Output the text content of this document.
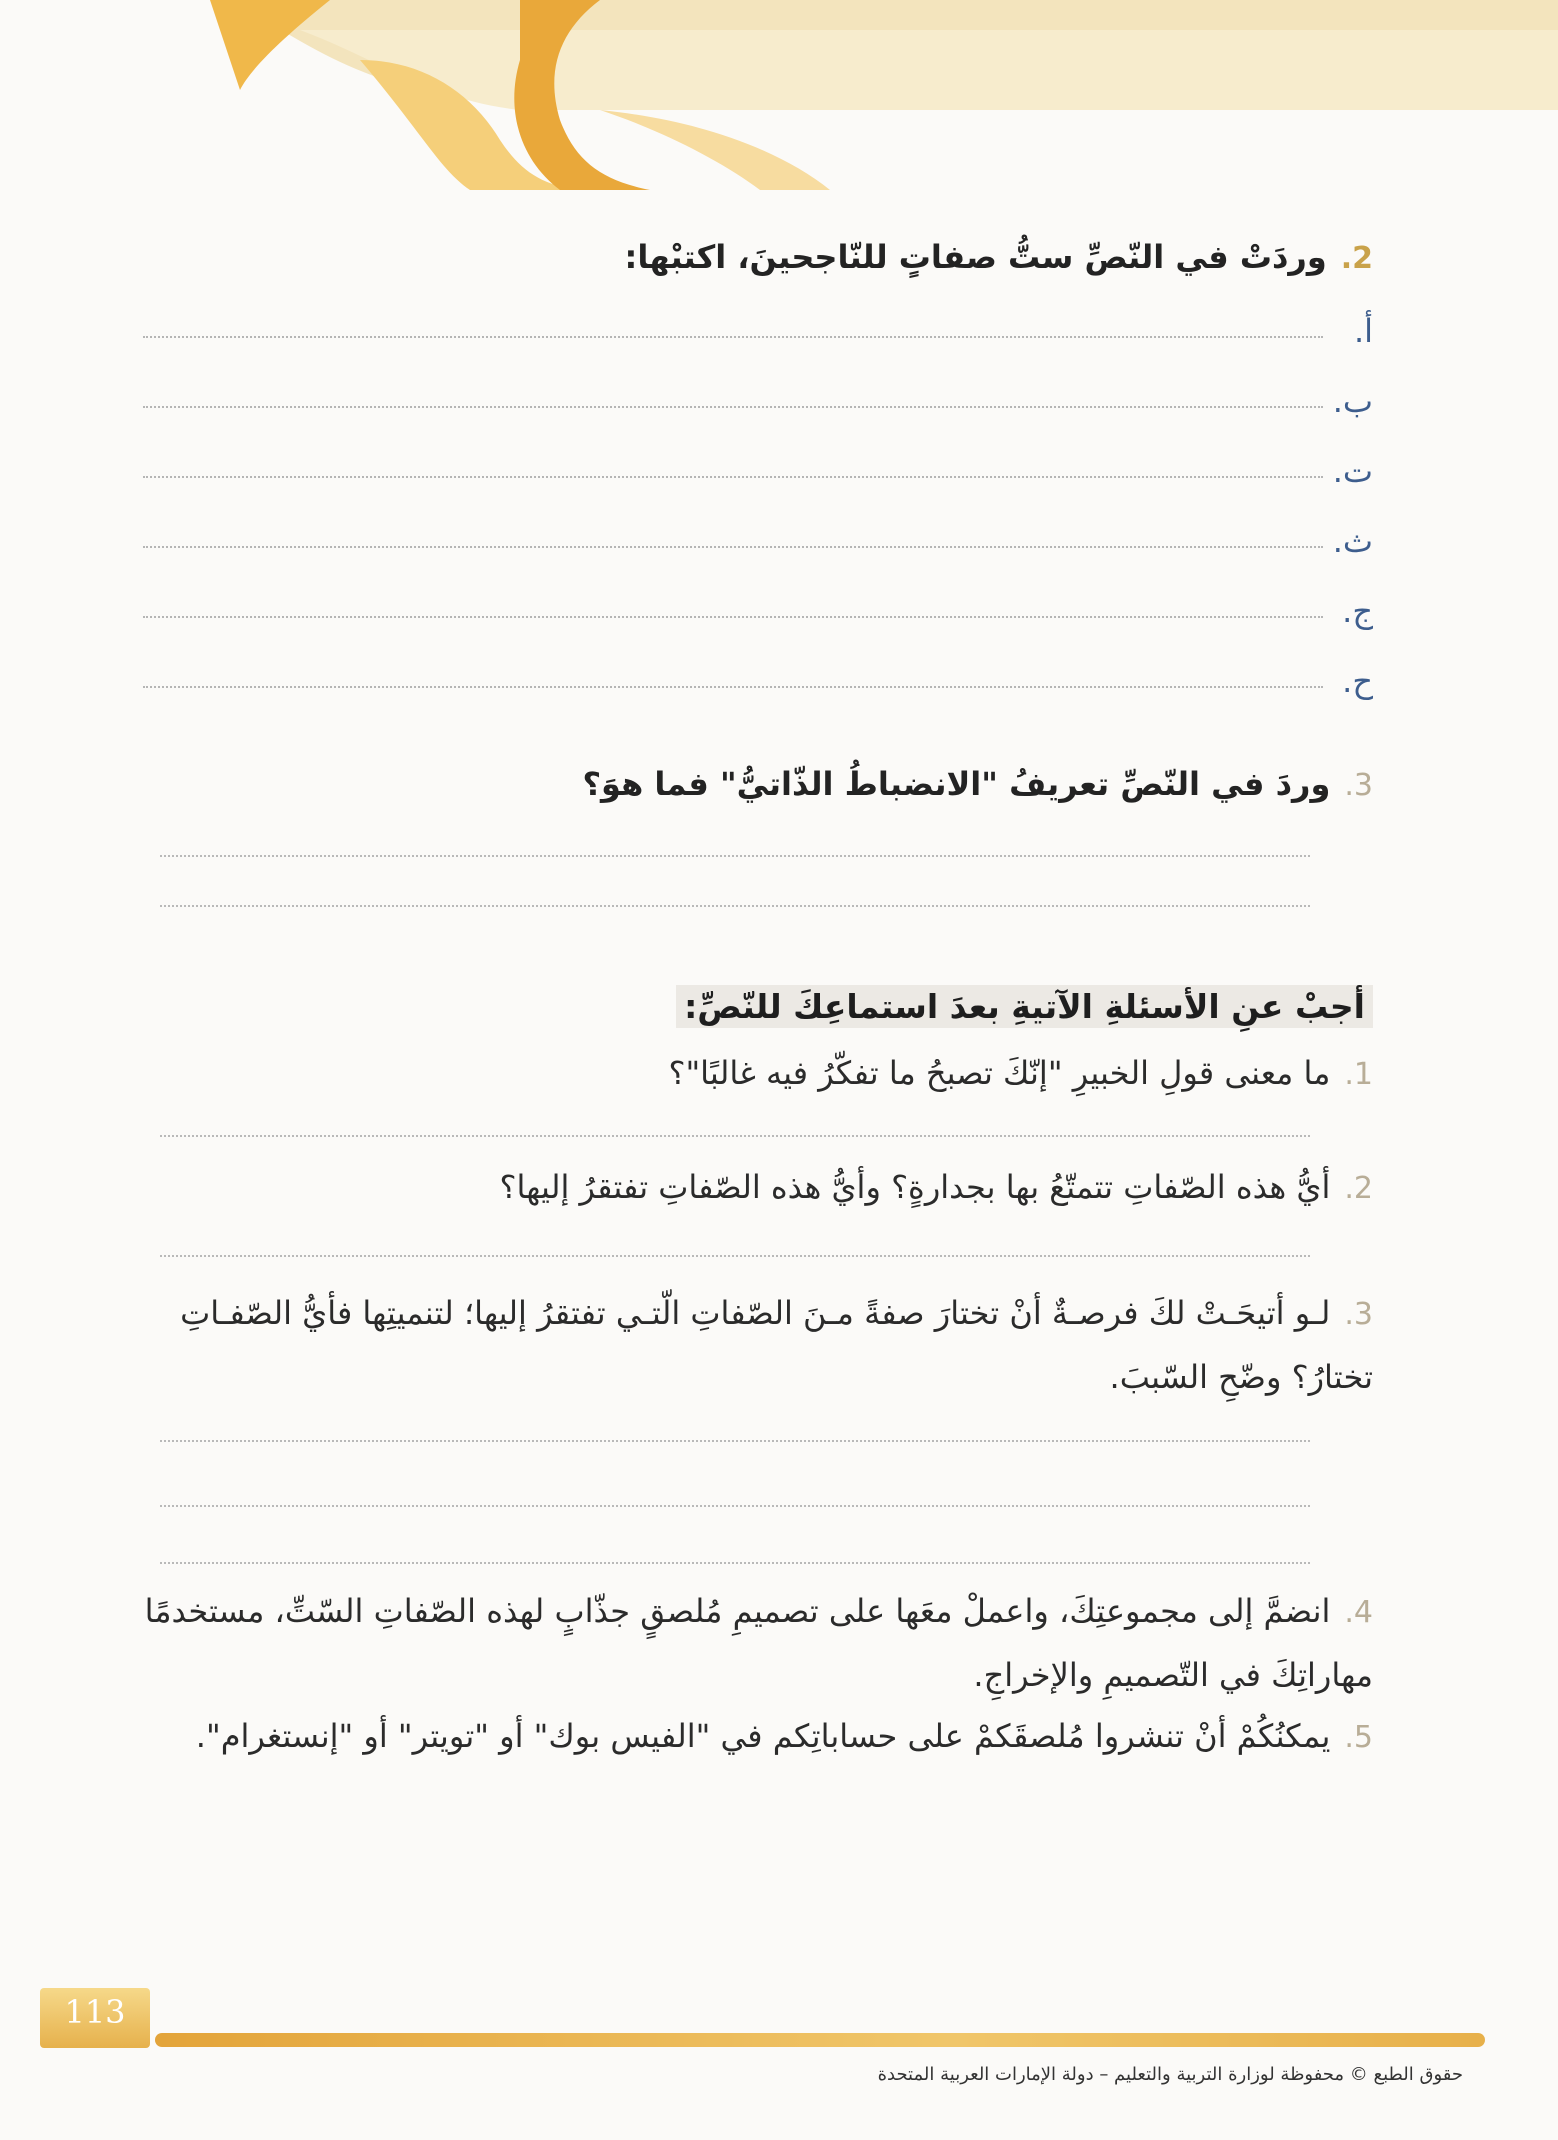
2.وردَتْ في النّصِّ ستُّ صفاتٍ للنّاجحينَ، اكتبْها:
أ.
ب.
ت.
ث.
ج.
ح.
3.وردَ في النّصِّ تعريفُ "الانضباطُ الذّاتيُّ" فما هوَ؟
أجبْ عنِ الأسئلةِ الآتيةِ بعدَ استماعِكَ للنّصِّ:
1.ما معنى قولِ الخبيرِ "إنّكَ تصبحُ ما تفكّرُ فيه غالبًا"؟
2.أيُّ هذه الصّفاتِ تتمتّعُ بها بجدارةٍ؟ وأيُّ هذه الصّفاتِ تفتقرُ إليها؟
3.لـو أتيحَـتْ لكَ فرصـةٌ أنْ تختارَ صفةً مـنَ الصّفاتِ الّتـي تفتقرُ إليها؛ لتنميتِها فأيُّ الصّفـاتِ تختارُ؟ وضّحِ السّببَ.
4.انضمَّ إلى مجموعتِكَ، واعملْ معَها على تصميمِ مُلصقٍ جذّابٍ لهذه الصّفاتِ السّتِّ، مستخدمًا مهاراتِكَ في التّصميمِ والإخراجِ.
5.يمكنُكُمْ أنْ تنشروا مُلصقَكمْ على حساباتِكم في "الفيس بوك" أو "تويتر" أو "إنستغرام".
113
حقوق الطبع © محفوظة لوزارة التربية والتعليم – دولة الإمارات العربية المتحدة
